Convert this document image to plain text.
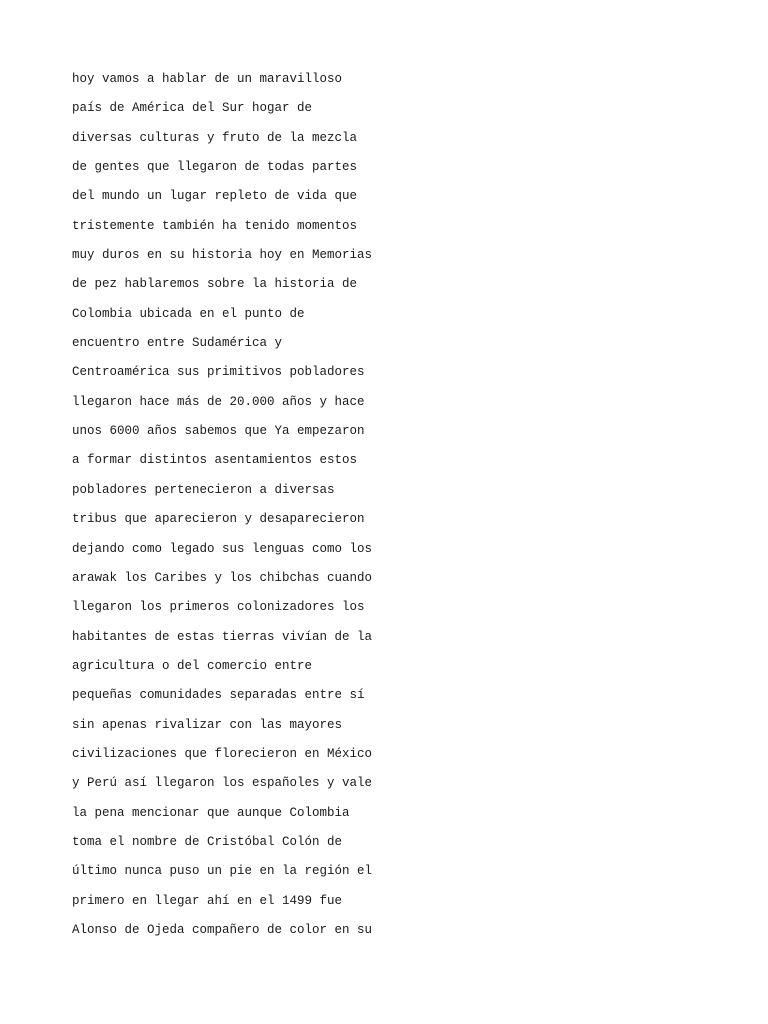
hoy vamos a hablar de un maravilloso

país de América del Sur hogar de

diversas culturas y fruto de la mezcla

de gentes que llegaron de todas partes

del mundo un lugar repleto de vida que

tristemente también ha tenido momentos

muy duros en su historia hoy en Memorias

de pez hablaremos sobre la historia de

Colombia ubicada en el punto de

encuentro entre Sudamérica y

Centroamérica sus primitivos pobladores

llegaron hace más de 20.000 años y hace

unos 6000 años sabemos que Ya empezaron

a formar distintos asentamientos estos

pobladores pertenecieron a diversas

tribus que aparecieron y desaparecieron

dejando como legado sus lenguas como los

arawak los Caribes y los chibchas cuando

llegaron los primeros colonizadores los

habitantes de estas tierras vivían de la

agricultura o del comercio entre

pequeñas comunidades separadas entre sí

sin apenas rivalizar con las mayores

civilizaciones que florecieron en México

y Perú así llegaron los españoles y vale

la pena mencionar que aunque Colombia

toma el nombre de Cristóbal Colón de

último nunca puso un pie en la región el

primero en llegar ahí en el 1499 fue

Alonso de Ojeda compañero de color en su
